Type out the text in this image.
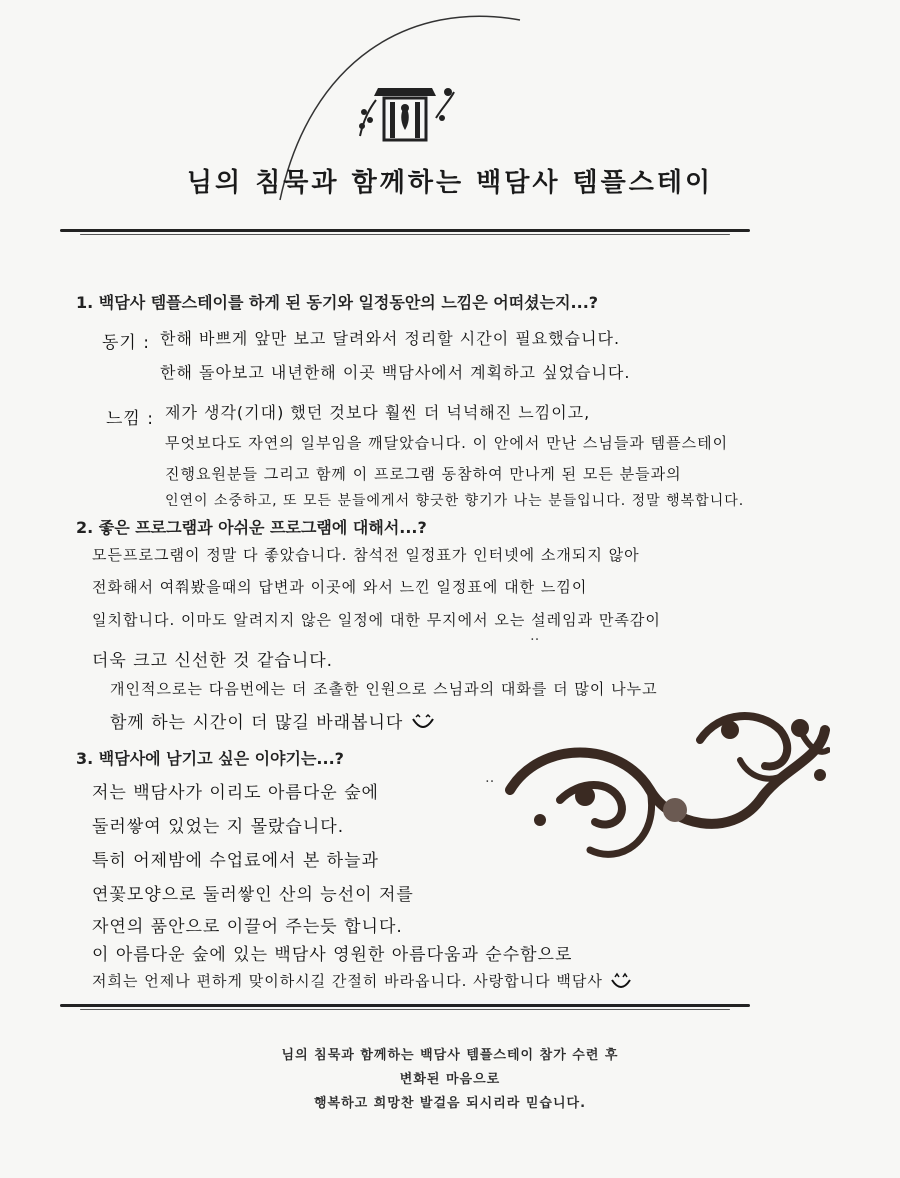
님의 침묵과 함께하는 백담사 템플스테이
1. 백담사 템플스테이를 하게 된 동기와 일정동안의 느낌은 어떠셨는지...?
동기 : 한해 바쁘게 앞만 보고 달려와서 정리할 시간이 필요했습니다.
한해 돌아보고 내년한해 이곳 백담사에서 계획하고 싶었습니다.
느낌 : 제가 생각(기대) 했던 것보다 훨씬 더 넉넉해진 느낌이고,
무엇보다도 자연의 일부임을 깨달았습니다. 이 안에서 만난 스님들과 템플스테이
진행요원분들 그리고 함께 이 프로그램 동참하여 만나게 된 모든 분들과의
인연이 소중하고, 또 모든 분들에게서 향긋한 향기가 나는 분들입니다. 정말 행복합니다.
2. 좋은 프로그램과 아쉬운 프로그램에 대해서...?
모든프로그램이 정말 다 좋았습니다. 참석전 일정표가 인터넷에 소개되지 않아
전화해서 여쭤봤을때의 답변과 이곳에 와서 느낀 일정표에 대한 느낌이
일치합니다. 이마도 알려지지 않은 일정에 대한 무지에서 오는 설레임과 만족감이
더욱 크고 신선한 것 같습니다.
개인적으로는 다음번에는 더 조촐한 인원으로 스님과의 대화를 더 많이 나누고
함께 하는 시간이 더 많길 바래봅니다
3. 백담사에 남기고 싶은 이야기는...?
저는 백담사가 이리도 아름다운 숲에
둘러쌓여 있었는 지 몰랐습니다.
특히 어제밤에 수업료에서 본 하늘과
연꽃모양으로 둘러쌓인 산의 능선이 저를
자연의 품안으로 이끌어 주는듯 합니다.
이 아름다운 숲에 있는 백담사 영원한 아름다움과 순수함으로
저희는 언제나 편하게 맞이하시길 간절히 바라옵니다. 사랑합니다 백담사
‥
‥
님의 침묵과 함께하는 백담사 템플스테이 참가 수련 후
변화된 마음으로
행복하고 희망찬 발걸음 되시리라 믿습니다.
